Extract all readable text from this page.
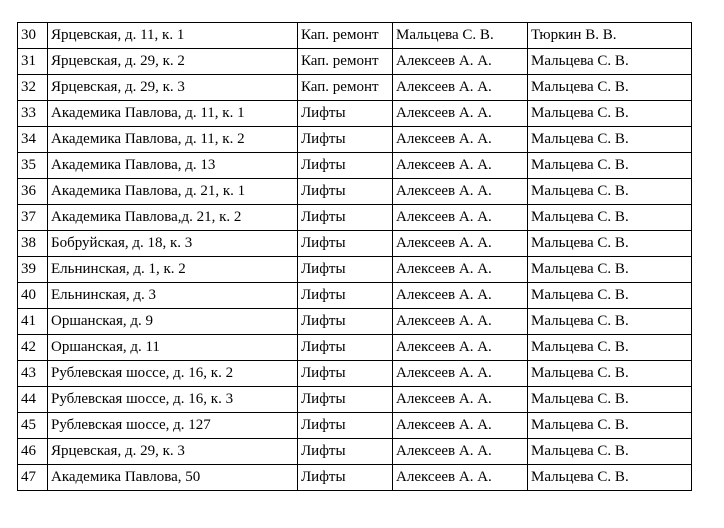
30	Ярцевская, д. 11, к. 1	Кап. ремонт	Мальцева С. В.	Тюркин В. В.
31	Ярцевская, д. 29, к. 2	Кап. ремонт	Алексеев А. А.	Мальцева С. В.
32	Ярцевская, д. 29, к. 3	Кап. ремонт	Алексеев А. А.	Мальцева С. В.
33	Академика Павлова, д. 11, к. 1	Лифты	Алексеев А. А.	Мальцева С. В.
34	Академика Павлова, д. 11, к. 2	Лифты	Алексеев А. А.	Мальцева С. В.
35	Академика Павлова, д. 13	Лифты	Алексеев А. А.	Мальцева С. В.
36	Академика Павлова, д. 21, к. 1	Лифты	Алексеев А. А.	Мальцева С. В.
37	Академика Павлова,д. 21, к. 2	Лифты	Алексеев А. А.	Мальцева С. В.
38	Бобруйская, д. 18, к. 3	Лифты	Алексеев А. А.	Мальцева С. В.
39	Ельнинская, д. 1, к. 2	Лифты	Алексеев А. А.	Мальцева С. В.
40	Ельнинская, д. 3	Лифты	Алексеев А. А.	Мальцева С. В.
41	Оршанская, д. 9	Лифты	Алексеев А. А.	Мальцева С. В.
42	Оршанская, д. 11	Лифты	Алексеев А. А.	Мальцева С. В.
43	Рублевская шоссе, д. 16, к. 2	Лифты	Алексеев А. А.	Мальцева С. В.
44	Рублевская шоссе, д. 16, к. 3	Лифты	Алексеев А. А.	Мальцева С. В.
45	Рублевская шоссе, д. 127	Лифты	Алексеев А. А.	Мальцева С. В.
46	Ярцевская, д. 29, к. 3	Лифты	Алексеев А. А.	Мальцева С. В.
47	Академика Павлова, 50	Лифты	Алексеев А. А.	Мальцева С. В.
